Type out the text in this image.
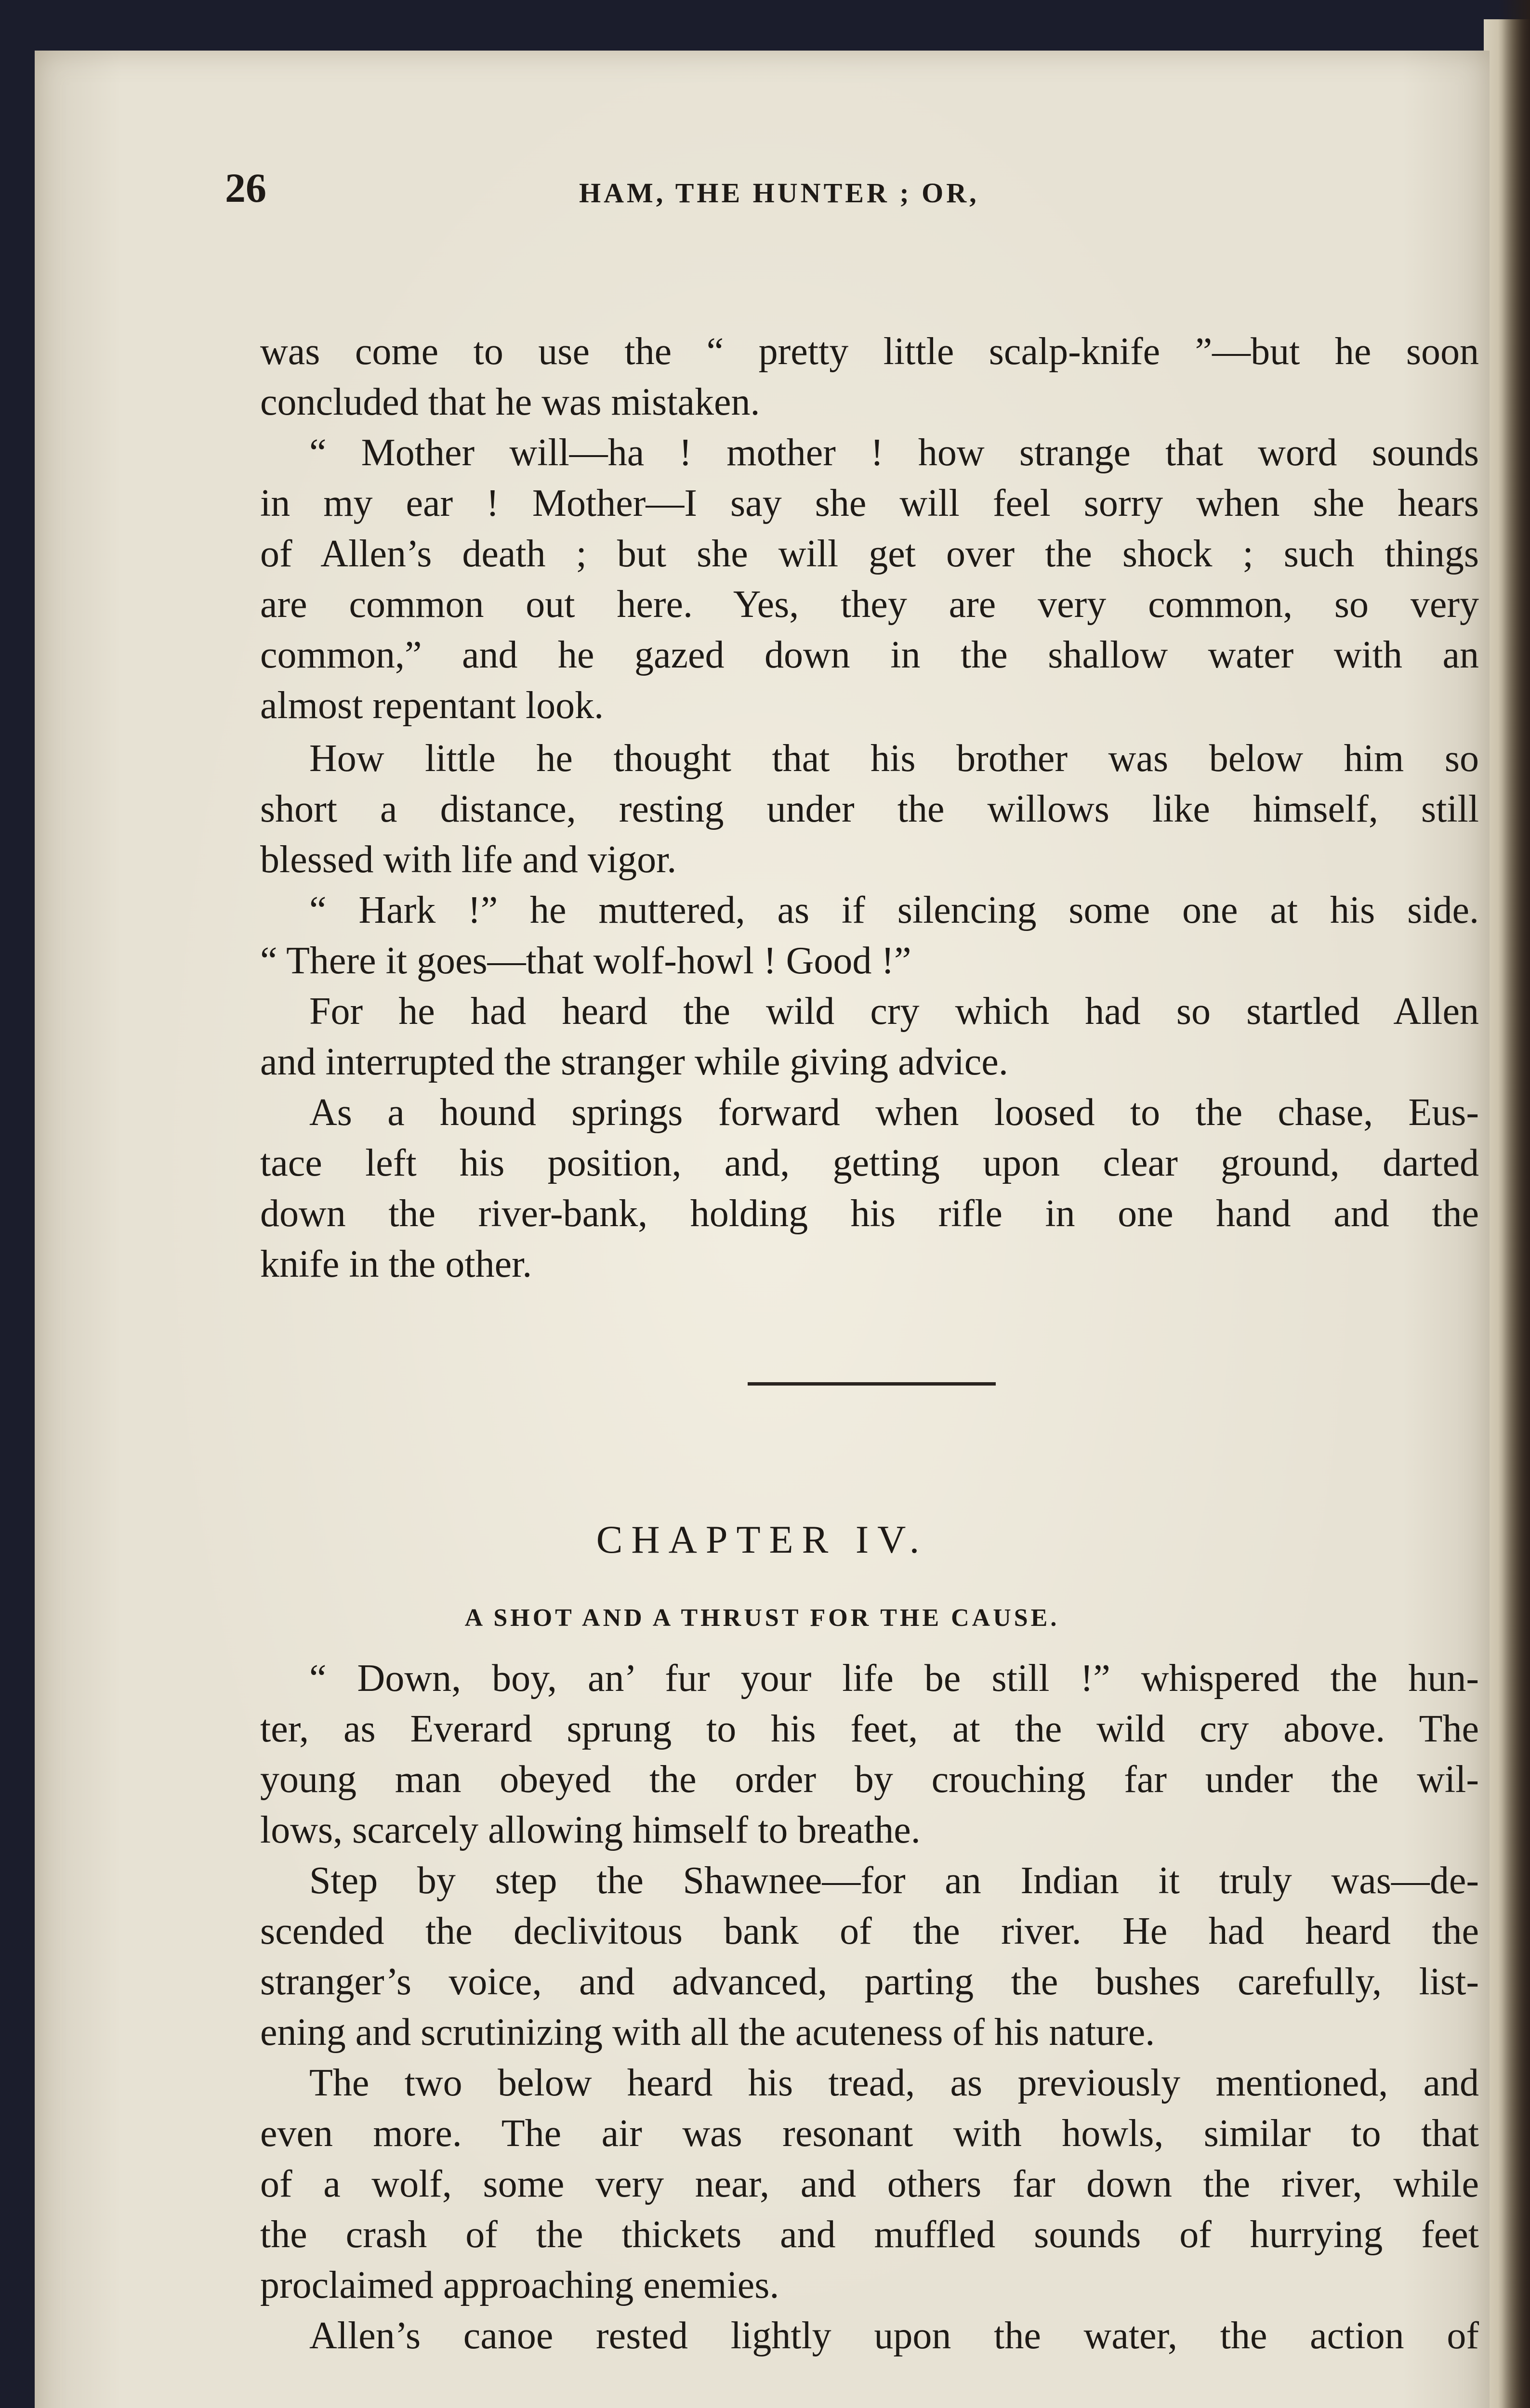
26	HAM, THE HUNTER ; OR,
was come to use the “ pretty little scalp-knife ”—but he soon
concluded that he was mistaken.
“ Mother will—ha ! mother ! how strange that word sounds
in my ear ! Mother—I say she will feel sorry when she hears
of Allen’s death ; but she will get over the shock ; such things
are common out here. Yes, they are very common, so very
common,” and he gazed down in the shallow water with an
almost repentant look.
How little he thought that his brother was below him so
short a distance, resting under the willows like himself, still
blessed with life and vigor.
“ Hark !” he muttered, as if silencing some one at his side.
“ There it goes—that wolf-howl ! Good !”
For he had heard the wild cry which had so startled Allen
and interrupted the stranger while giving advice.
As a hound springs forward when loosed to the chase, Eus-
tace left his position, and, getting upon clear ground, darted
down the river-bank, holding his rifle in one hand and the
knife in the other.
CHAPTER IV.
A SHOT AND A THRUST FOR THE CAUSE.
“ Down, boy, an’ fur your life be still !” whispered the hun-
ter, as Everard sprung to his feet, at the wild cry above. The
young man obeyed the order by crouching far under the wil-
lows, scarcely allowing himself to breathe.
Step by step the Shawnee—for an Indian it truly was—de-
scended the declivitous bank of the river. He had heard the
stranger’s voice, and advanced, parting the bushes carefully, list-
ening and scrutinizing with all the acuteness of his nature.
The two below heard his tread, as previously mentioned, and
even more. The air was resonant with howls, similar to that
of a wolf, some very near, and others far down the river, while
the crash of the thickets and muffled sounds of hurrying feet
proclaimed approaching enemies.
Allen’s canoe rested lightly upon the water, the action of
